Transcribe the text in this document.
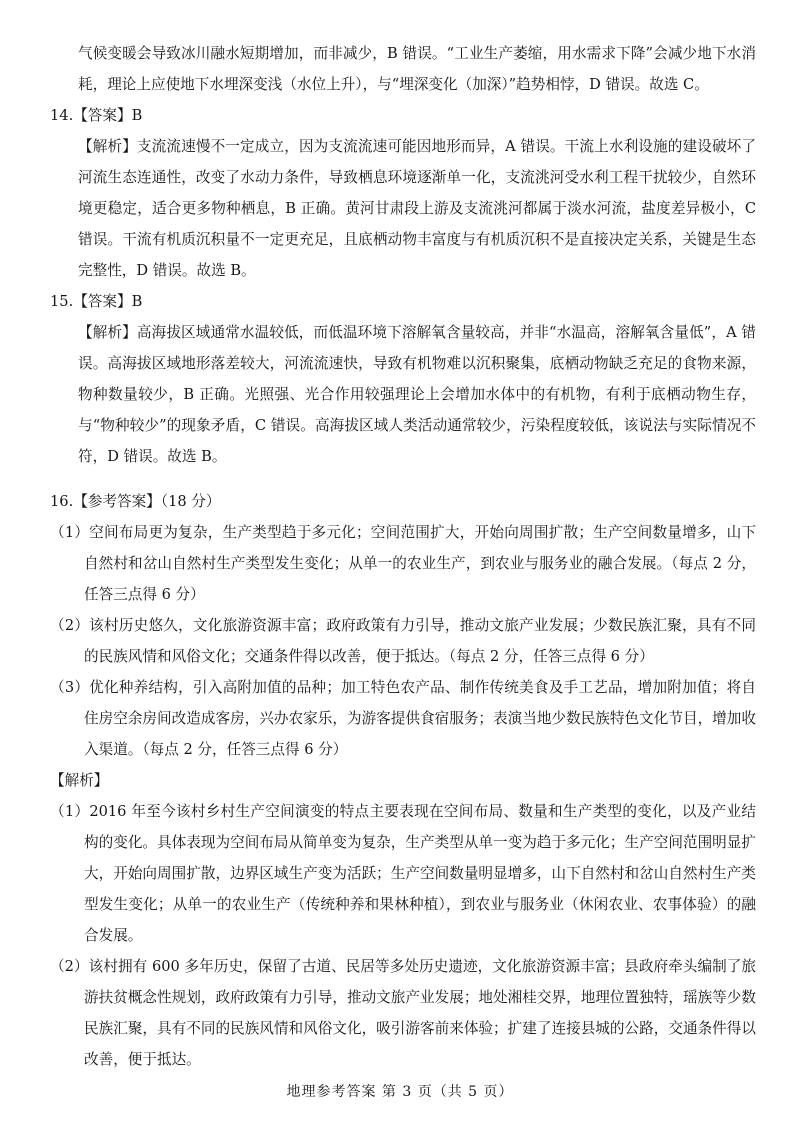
气候变暖会导致冰川融水短期增加，而非减少，B 错误。“工业生产萎缩，用水需求下降”会减少地下水消耗，理论上应使地下水埋深变浅（水位上升），与“埋深变化（加深）”趋势相悖，D 错误。故选 C。

14.【答案】B

【解析】支流流速慢不一定成立，因为支流流速可能因地形而异，A 错误。干流上水利设施的建设破坏了河流生态连通性，改变了水动力条件，导致栖息环境逐渐单一化，支流洮河受水利工程干扰较少，自然环境更稳定，适合更多物种栖息，B 正确。黄河甘肃段上游及支流洮河都属于淡水河流，盐度差异极小，C 错误。干流有机质沉积量不一定更充足，且底栖动物丰富度与有机质沉积不是直接决定关系，关键是生态完整性，D 错误。故选 B。

15.【答案】B

【解析】高海拔区域通常水温较低，而低温环境下溶解氧含量较高，并非“水温高，溶解氧含量低”，A 错误。高海拔区域地形落差较大，河流流速快，导致有机物难以沉积聚集，底栖动物缺乏充足的食物来源，物种数量较少，B 正确。光照强、光合作用较强理论上会增加水体中的有机物，有利于底栖动物生存，与“物种较少”的现象矛盾，C 错误。高海拔区域人类活动通常较少，污染程度较低，该说法与实际情况不符，D 错误。故选 B。

16.【参考答案】（18 分）

（1）空间布局更为复杂，生产类型趋于多元化；空间范围扩大，开始向周围扩散；生产空间数量增多，山下自然村和岔山自然村生产类型发生变化；从单一的农业生产，到农业与服务业的融合发展。（每点 2 分，任答三点得 6 分）

（2）该村历史悠久，文化旅游资源丰富；政府政策有力引导，推动文旅产业发展；少数民族汇聚，具有不同的民族风情和风俗文化；交通条件得以改善，便于抵达。（每点 2 分，任答三点得 6 分）

（3）优化种养结构，引入高附加值的品种；加工特色农产品、制作传统美食及手工艺品，增加附加值；将自住房空余房间改造成客房，兴办农家乐，为游客提供食宿服务；表演当地少数民族特色文化节目，增加收入渠道。（每点 2 分，任答三点得 6 分）

【解析】

（1）2016 年至今该村乡村生产空间演变的特点主要表现在空间布局、数量和生产类型的变化，以及产业结构的变化。具体表现为空间布局从简单变为复杂，生产类型从单一变为趋于多元化；生产空间范围明显扩大，开始向周围扩散，边界区域生产变为活跃；生产空间数量明显增多，山下自然村和岔山自然村生产类型发生变化；从单一的农业生产（传统种养和果林种植），到农业与服务业（休闲农业、农事体验）的融合发展。

（2）该村拥有 600 多年历史，保留了古道、民居等多处历史遗迹，文化旅游资源丰富；县政府牵头编制了旅游扶贫概念性规划，政府政策有力引导，推动文旅产业发展；地处湘桂交界，地理位置独特，瑶族等少数民族汇聚，具有不同的民族风情和风俗文化，吸引游客前来体验；扩建了连接县城的公路，交通条件得以改善，便于抵达。

地理参考答案 第 3 页（共 5 页）
